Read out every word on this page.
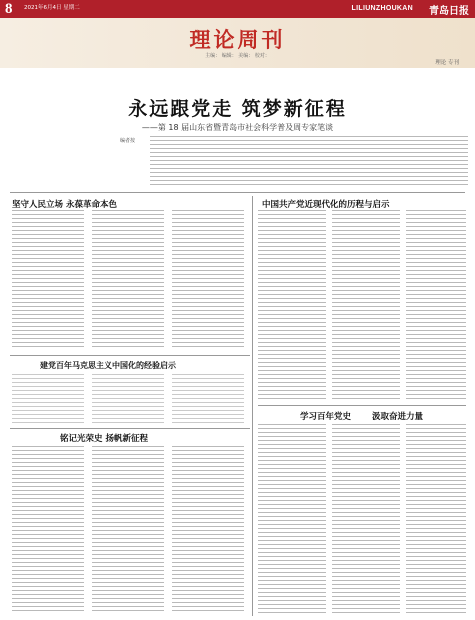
8 2021年6月4日 星期二	LILIUNZHOUKAN 青岛日报
理论周刊
主编： 编辑： 美编： 校对：
理论 专刊
永远跟党走 筑梦新征程
——第 18 届山东省暨青岛市社会科学普及周专家笔谈
编者按
坚守人民立场 永葆革命本色	中国共产党近现代化的历程与启示
建党百年马克思主义中国化的经验启示
铭记光荣史 扬帆新征程
学习百年党史 汲取奋进力量
